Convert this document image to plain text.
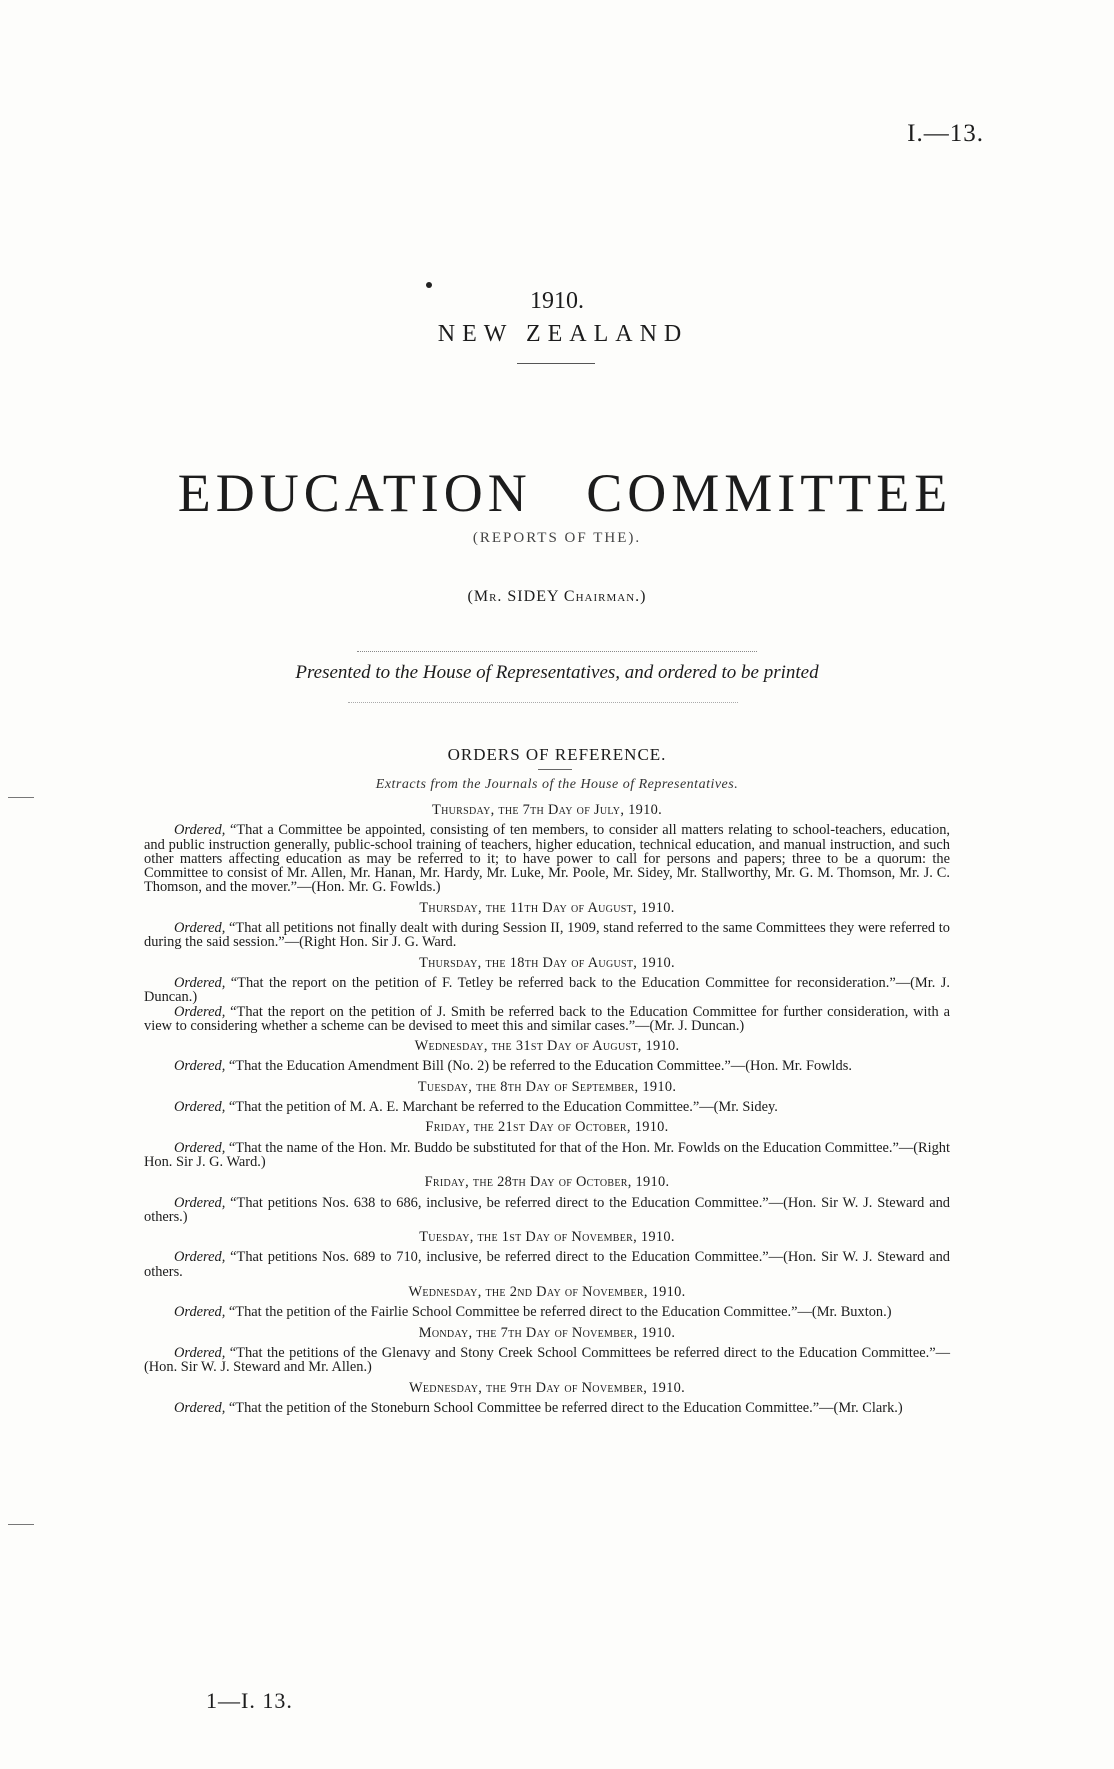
I.—13.
1910.
NEW ZEALAND
EDUCATION COMMITTEE
(REPORTS OF THE).
(Mr. SIDEY Chairman.)
Presented to the House of Representatives, and ordered to be printed
ORDERS OF REFERENCE.
Extracts from the Journals of the House of Representatives.
Thursday, the 7th Day of July, 1910.

Ordered, “That a Committee be appointed, consisting of ten members, to consider all matters relating to school-teachers, education, and public instruction generally, public-school training of teachers, higher education, technical education, and manual instruction, and such other matters affecting education as may be referred to it; to have power to call for persons and papers; three to be a quorum: the Committee to consist of Mr. Allen, Mr. Hanan, Mr. Hardy, Mr. Luke, Mr. Poole, Mr. Sidey, Mr. Stallworthy, Mr. G. M. Thomson, Mr. J. C. Thomson, and the mover.”—(Hon. Mr. G. Fowlds.)

Thursday, the 11th Day of August, 1910.

Ordered, “That all petitions not finally dealt with during Session II, 1909, stand referred to the same Committees they were referred to during the said session.”—(Right Hon. Sir J. G. Ward.

Thursday, the 18th Day of August, 1910.

Ordered, “That the report on the petition of F. Tetley be referred back to the Education Committee for reconsideration.”—(Mr. J. Duncan.)

Ordered, “That the report on the petition of J. Smith be referred back to the Education Committee for further consideration, with a view to considering whether a scheme can be devised to meet this and similar cases.”—(Mr. J. Duncan.)

Wednesday, the 31st Day of August, 1910.

Ordered, “That the Education Amendment Bill (No. 2) be referred to the Education Committee.”—(Hon. Mr. Fowlds.

Tuesday, the 8th Day of September, 1910.

Ordered, “That the petition of M. A. E. Marchant be referred to the Education Committee.”—(Mr. Sidey.

Friday, the 21st Day of October, 1910.

Ordered, “That the name of the Hon. Mr. Buddo be substituted for that of the Hon. Mr. Fowlds on the Education Committee.”—(Right Hon. Sir J. G. Ward.)

Friday, the 28th Day of October, 1910.

Ordered, “That petitions Nos. 638 to 686, inclusive, be referred direct to the Education Committee.”—(Hon. Sir W. J. Steward and others.)

Tuesday, the 1st Day of November, 1910.

Ordered, “That petitions Nos. 689 to 710, inclusive, be referred direct to the Education Committee.”—(Hon. Sir W. J. Steward and others.

Wednesday, the 2nd Day of November, 1910.

Ordered, “That the petition of the Fairlie School Committee be referred direct to the Education Committee.”—(Mr. Buxton.)

Monday, the 7th Day of November, 1910.

Ordered, “That the petitions of the Glenavy and Stony Creek School Committees be referred direct to the Education Committee.”—(Hon. Sir W. J. Steward and Mr. Allen.)

Wednesday, the 9th Day of November, 1910.

Ordered, “That the petition of the Stoneburn School Committee be referred direct to the Education Committee.”—(Mr. Clark.)

1—I. 13.
